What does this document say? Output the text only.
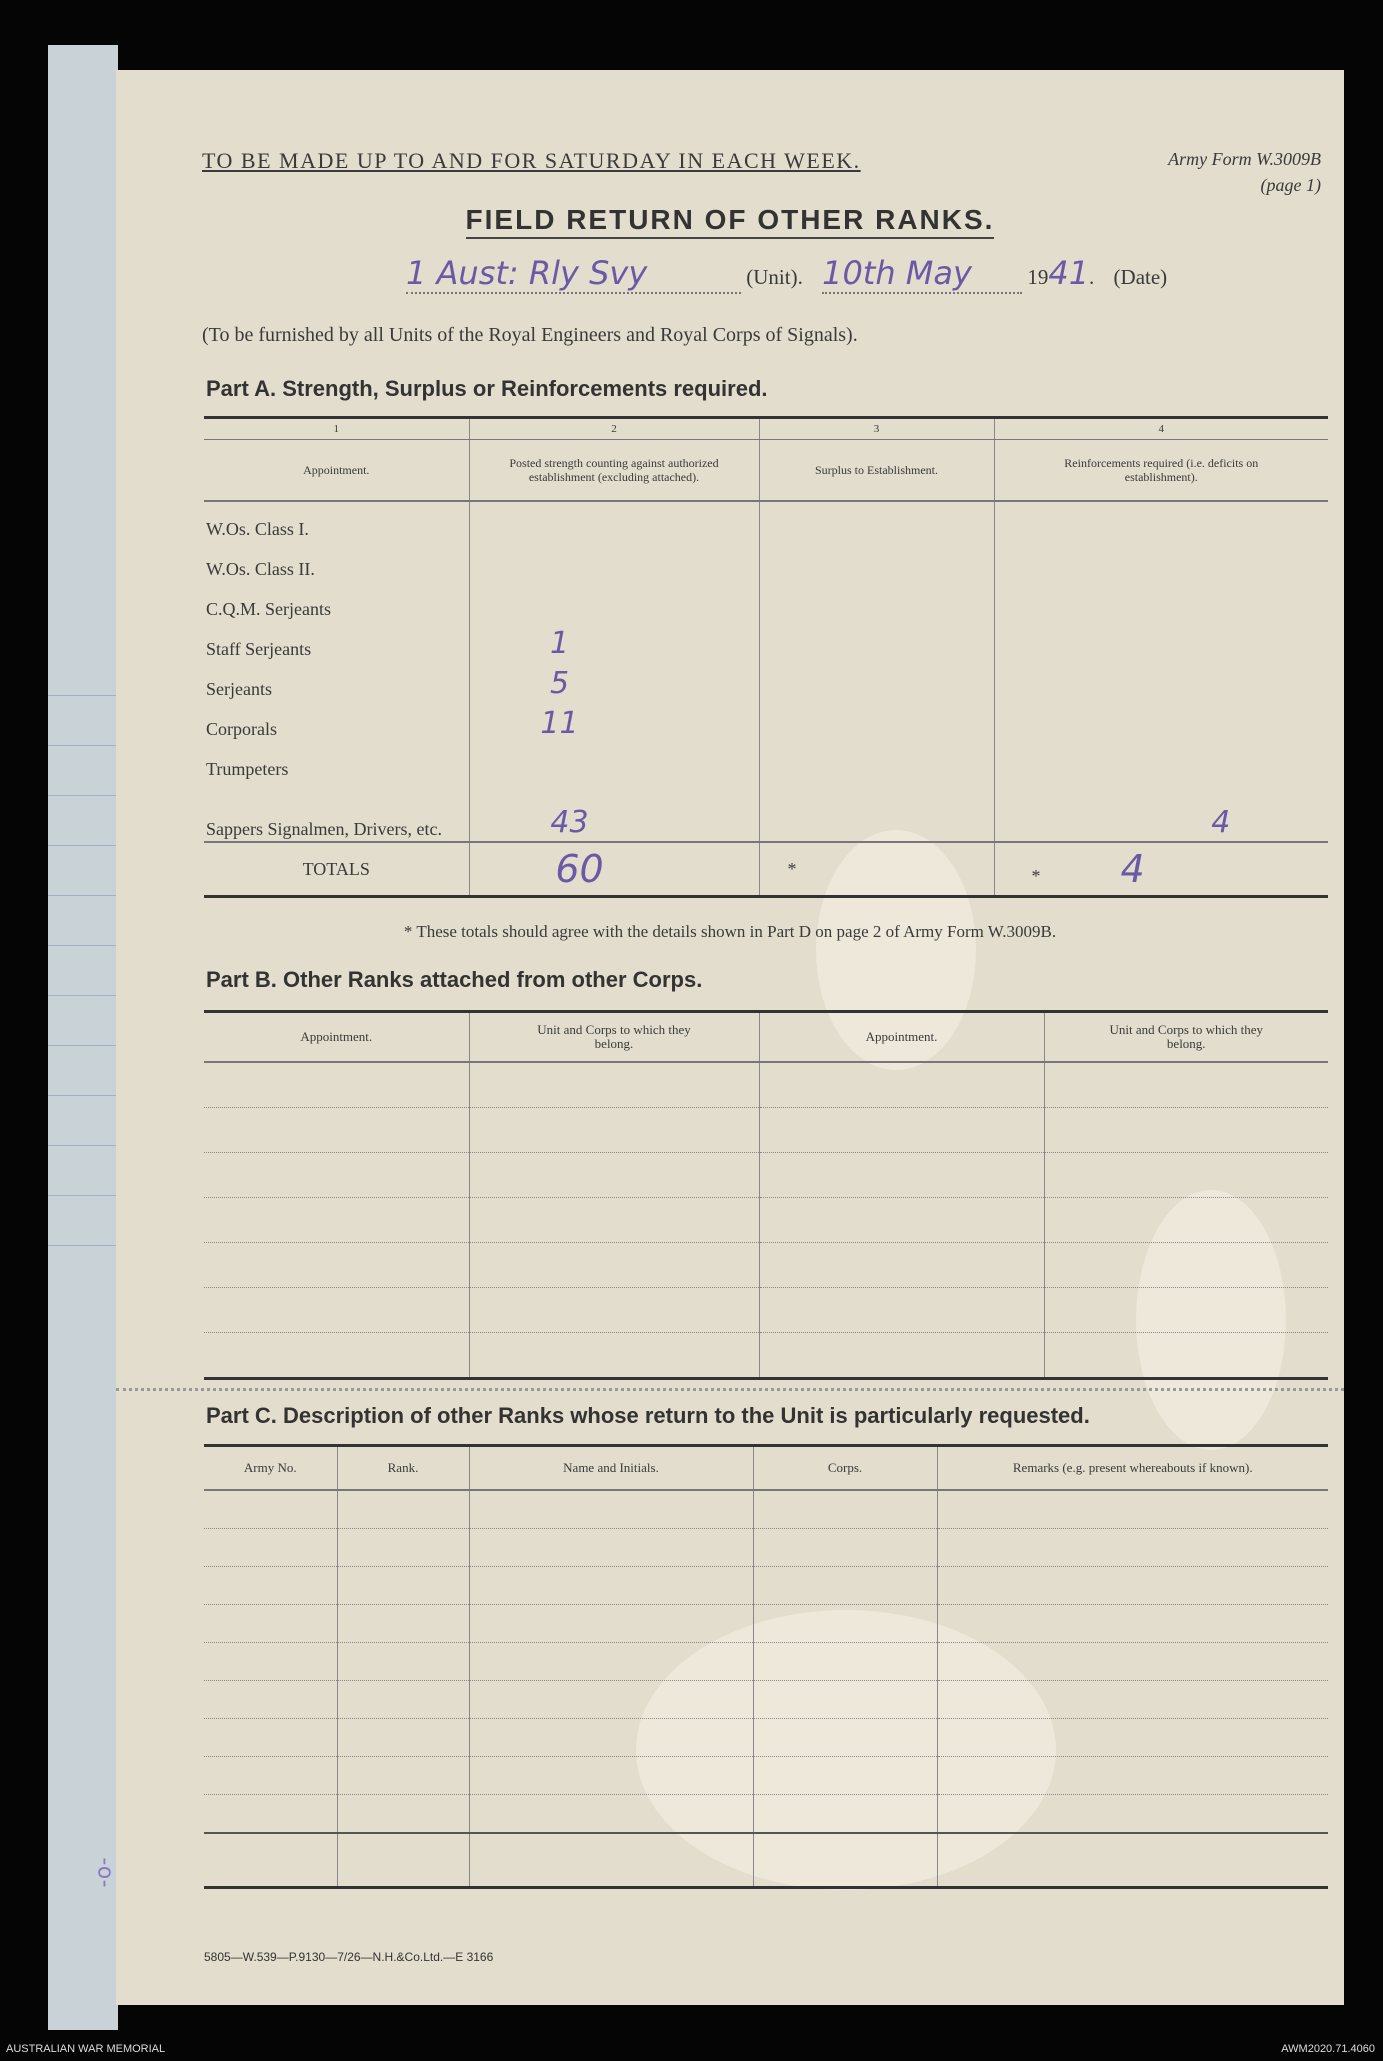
TO BE MADE UP TO AND FOR SATURDAY IN EACH WEEK.	Army Form W.3009B
(page 1)
FIELD RETURN OF OTHER RANKS.
1 Aust: Rly Svy	(Unit). 10th May	1941. (Date)
(To be furnished by all Units of the Royal Engineers and Royal Corps of Signals).
Part A. Strength, Surplus or Reinforcements required.
1	2	3	4
Appointment.	Posted strength counting against authorized establishment (excluding attached).	Surplus to Establishment.	Reinforcements required (i.e. deficits on establishment).
W.Os. Class I.			
W.Os. Class II.			
C.Q.M. Serjeants			
Staff Serjeants	1		
Serjeants	5		
Corporals	11		
Trumpeters			
Sappers Signalmen, Drivers, etc.	43		4
TOTALS	60	*	* 4
* These totals should agree with the details shown in Part D on page 2 of Army Form W.3009B.
Part B. Other Ranks attached from other Corps.
Appointment.	Unit and Corps to which they belong.	Appointment.	Unit and Corps to which they belong.

Part C. Description of other Ranks whose return to the Unit is particularly requested.
Army No.	Rank.	Name and Initials.	Corps.	Remarks (e.g. present whereabouts if known).

5805—W.539—P.9130—7/26—N.H.&Co.Ltd.—E 3166
-o-
AUSTRALIAN WAR MEMORIAL	AWM2020.71.4060
